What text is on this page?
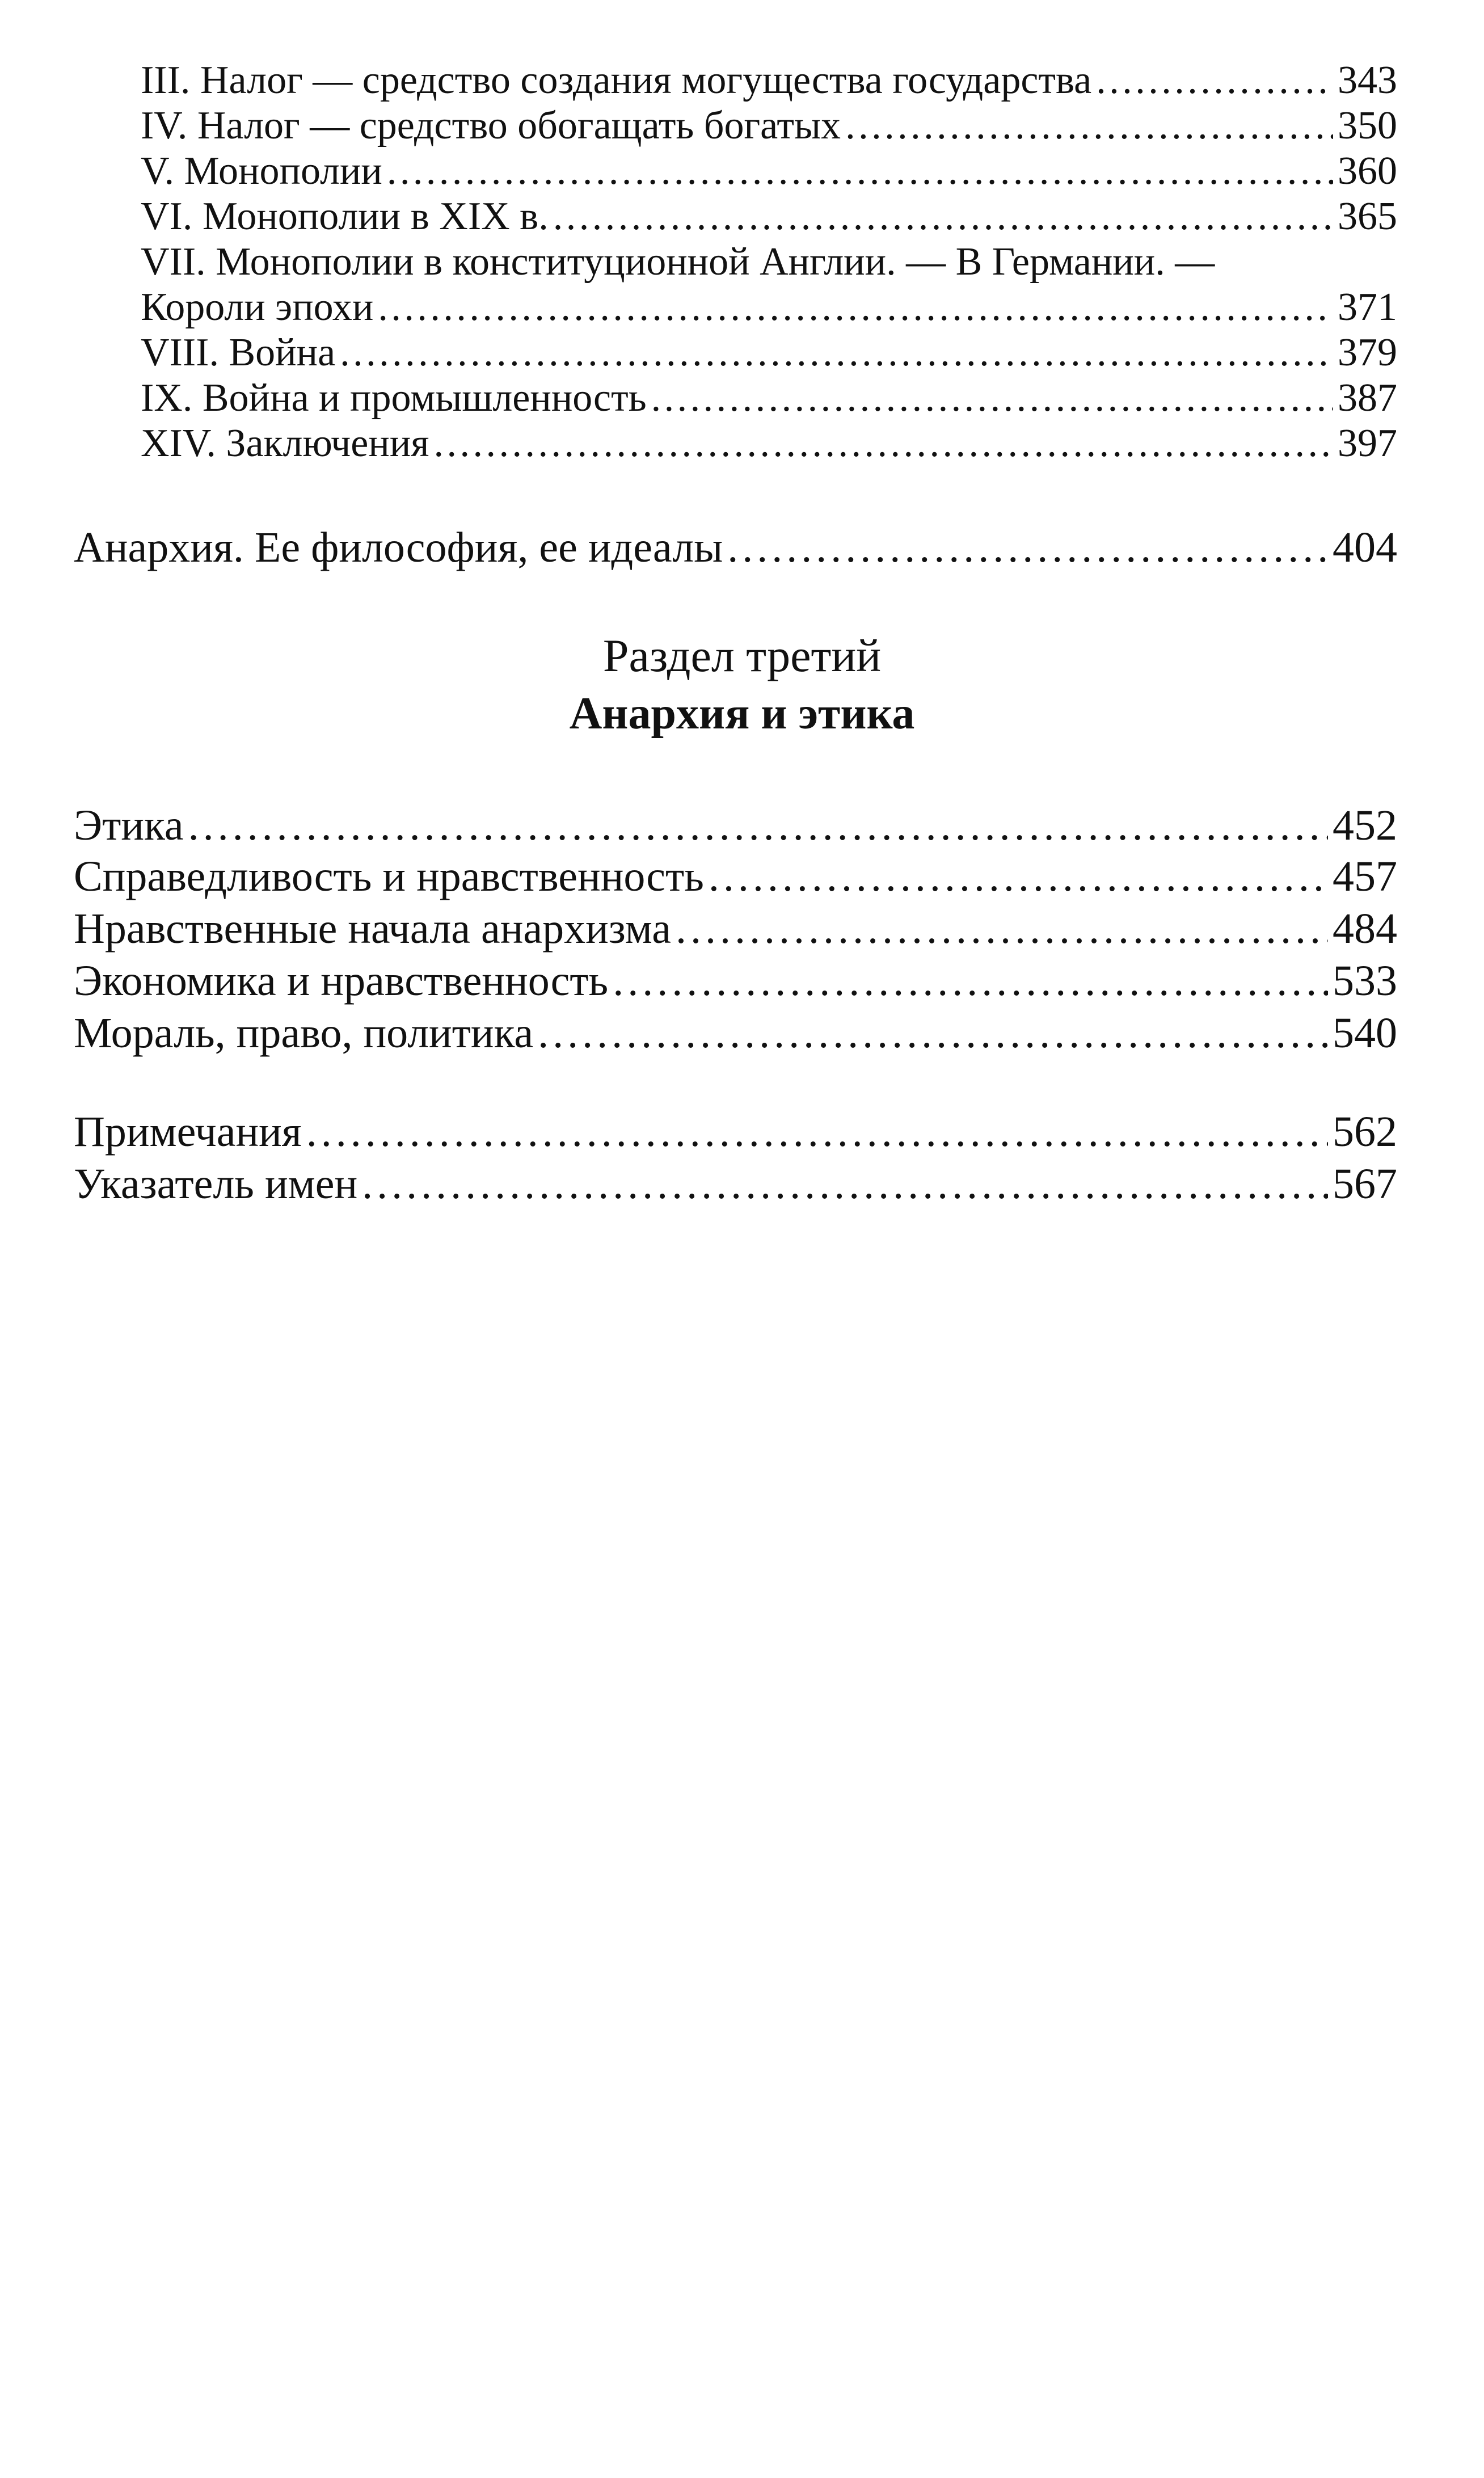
III. Налог — средство создания могущества государства . . .	343
IV. Налог — средство обогащать богатых . . .	350
V. Монополии . . .	360
VI. Монополии в XIX в. . . .	365
VII. Монополии в конституционной Англии. — В Германии. —
Короли эпохи . . .	371
VIII. Война . . .	379
IX. Война и промышленность . . .	387
XIV. Заключения . . .	397
Анархия. Ее философия, ее идеалы . . .	404
Раздел третий
Анархия и этика
Этика . . .	452
Справедливость и нравственность . . .	457
Нравственные начала анархизма . . .	484
Экономика и нравственность . . .	533
Мораль, право, политика . . .	540
Примечания . . .	562
Указатель имен . . .	567
